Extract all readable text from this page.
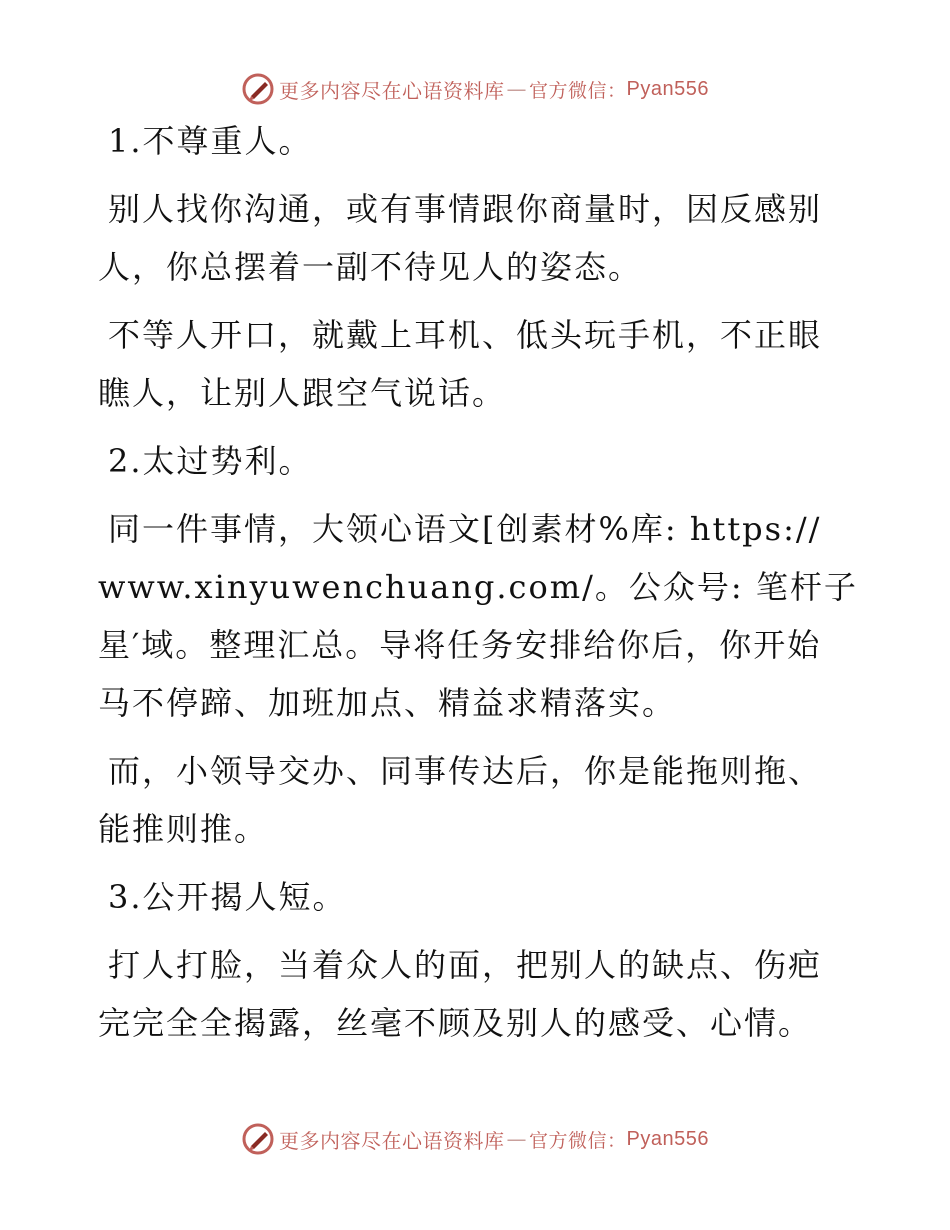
更多内容尽在心语资料库 — 官方微信： Pyan556
1.不尊重人。
别人找你沟通，或有事情跟你商量时，因反感别
人，你总摆着一副不待见人的姿态。
不等人开口，就戴上耳机、低头玩手机，不正眼
瞧人，让别人跟空气说话。
2.太过势利。
同一件事情，大领心语文[创素材%库: https://
www.xinyuwenchuang.com/。公众号: 笔杆子
星′域。整理汇总。导将任务安排给你后，你开始
马不停蹄、加班加点、精益求精落实。
而，小领导交办、同事传达后，你是能拖则拖、
能推则推。
3.公开揭人短。
打人打脸，当着众人的面，把别人的缺点、伤疤
完完全全揭露，丝毫不顾及别人的感受、心情。
更多内容尽在心语资料库 — 官方微信： Pyan556
